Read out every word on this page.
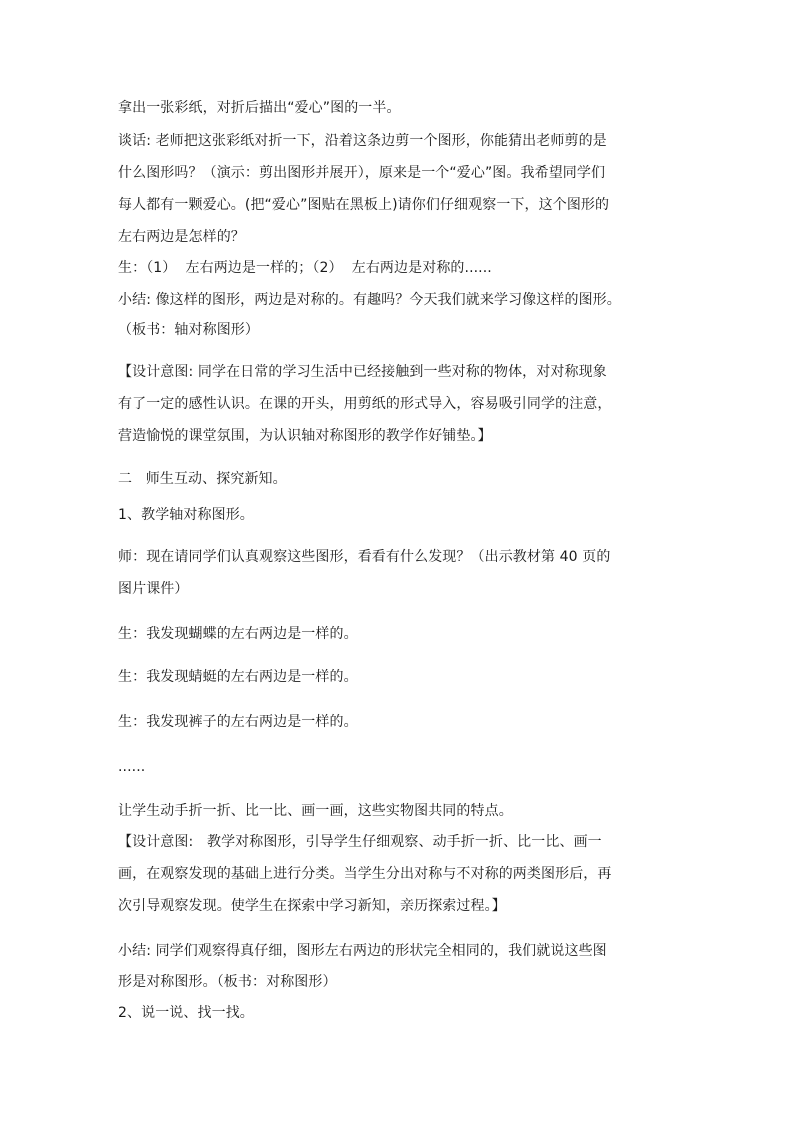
拿出一张彩纸，对折后描出“爱心”图的一半。
谈话: 老师把这张彩纸对折一下，沿着这条边剪一个图形，你能猜出老师剪的是
什么图形吗？（演示：剪出图形并展开），原来是一个“爱心”图。我希望同学们
每人都有一颗爱心。(把“爱心”图贴在黑板上)请你们仔细观察一下，这个图形的
左右两边是怎样的？
生：（1）  左右两边是一样的；（2）  左右两边是对称的......
小结: 像这样的图形，两边是对称的。有趣吗？今天我们就来学习像这样的图形。
（板书：轴对称图形）
【设计意图: 同学在日常的学习生活中已经接触到一些对称的物体，对对称现象
有了一定的感性认识。在课的开头，用剪纸的形式导入，容易吸引同学的注意，
营造愉悦的课堂氛围，为认识轴对称图形的教学作好铺垫。】
二   师生互动、探究新知。
1、教学轴对称图形。
师：现在请同学们认真观察这些图形，看看有什么发现？（出示教材第 40 页的
图片课件）
生：我发现蝴蝶的左右两边是一样的。
生：我发现蜻蜓的左右两边是一样的。
生：我发现裤子的左右两边是一样的。
......
让学生动手折一折、比一比、画一画，这些实物图共同的特点。
【设计意图:   教学对称图形，引导学生仔细观察、动手折一折、比一比、画一
画，在观察发现的基础上进行分类。当学生分出对称与不对称的两类图形后，再
次引导观察发现。使学生在探索中学习新知，亲历探索过程。】
小结: 同学们观察得真仔细，图形左右两边的形状完全相同的，我们就说这些图
形是对称图形。（板书：对称图形）
2、说一说、找一找。
